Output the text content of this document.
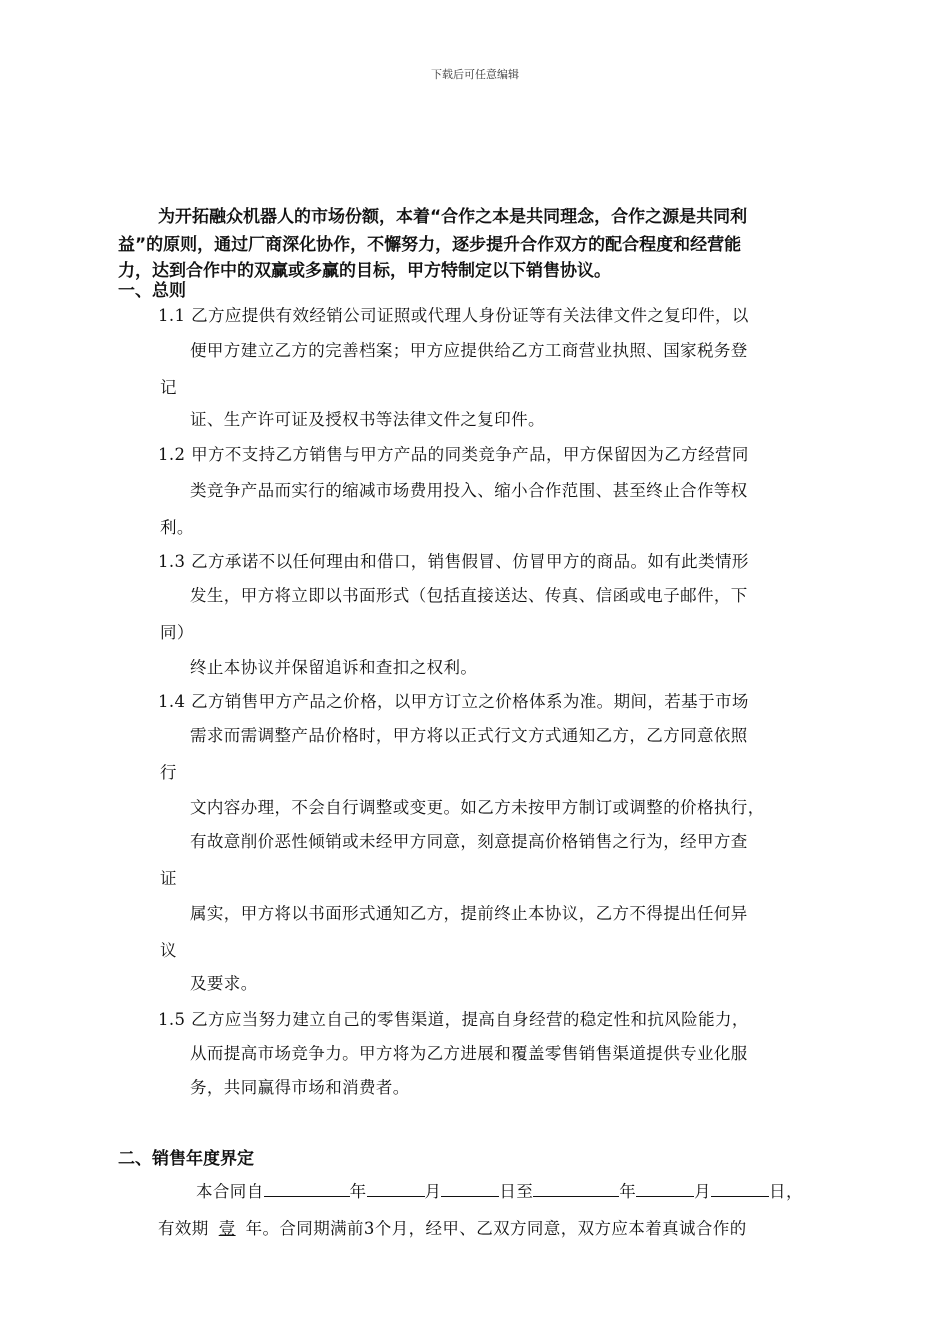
下载后可任意编辑
为开拓融众机器人的市场份额，本着“合作之本是共同理念，合作之源是共同利
益”的原则，通过厂商深化协作，不懈努力，逐步提升合作双方的配合程度和经营能
力，达到合作中的双赢或多赢的目标，甲方特制定以下销售协议。
一、总则
1.1 乙方应提供有效经销公司证照或代理人身份证等有关法律文件之复印件，以
便甲方建立乙方的完善档案；甲方应提供给乙方工商营业执照、国家税务登
记
证、生产许可证及授权书等法律文件之复印件。
1.2 甲方不支持乙方销售与甲方产品的同类竞争产品，甲方保留因为乙方经营同
类竞争产品而实行的缩减市场费用投入、缩小合作范围、甚至终止合作等权
利。
1.3 乙方承诺不以任何理由和借口，销售假冒、仿冒甲方的商品。如有此类情形
发生，甲方将立即以书面形式（包括直接送达、传真、信函或电子邮件，下
同）
终止本协议并保留追诉和查扣之权利。
1.4 乙方销售甲方产品之价格，以甲方订立之价格体系为准。期间，若基于市场
需求而需调整产品价格时，甲方将以正式行文方式通知乙方，乙方同意依照
行
文内容办理，不会自行调整或变更。如乙方未按甲方制订或调整的价格执行，
有故意削价恶性倾销或未经甲方同意，刻意提高价格销售之行为，经甲方查
证
属实，甲方将以书面形式通知乙方，提前终止本协议，乙方不得提出任何异
议
及要求。
1.5 乙方应当努力建立自己的零售渠道，提高自身经营的稳定性和抗风险能力，
从而提高市场竞争力。甲方将为乙方进展和覆盖零售销售渠道提供专业化服
务，共同赢得市场和消费者。
二、销售年度界定
本合同自	年	月	日至	年	月	日，
有效期 壹 年。合同期满前3个月，经甲、乙双方同意，双方应本着真诚合作的
